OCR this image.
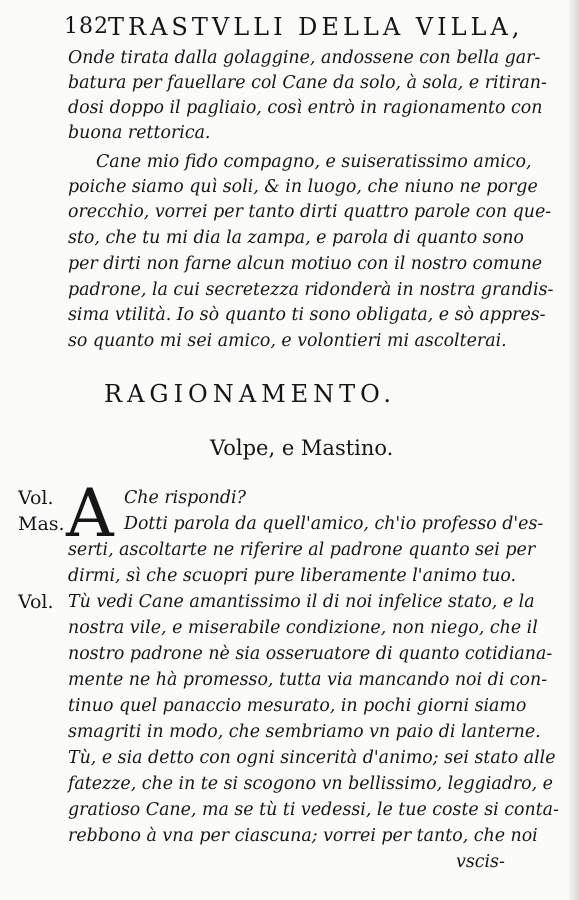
182 TRASTVLLI DELLA VILLA,
Onde tirata dalla golaggine, andossene con bella gar-
batura per fauellare col Cane da solo, à sola, e ritiran-
dosi doppo il pagliaio, così entrò in ragionamento con
buona rettorica.
Cane mio fido compagno, e suiseratissimo amico,
poiche siamo quì soli, & in luogo, che niuno ne porge
orecchio, vorrei per tanto dirti quattro parole con que-
sto, che tu mi dia la zampa, e parola di quanto sono
per dirti non farne alcun motiuo con il nostro comune
padrone, la cui secretezza ridonderà in nostra grandis-
sima vtilità. Io sò quanto ti sono obligata, e sò appres-
so quanto mi sei amico, e volontieri mi ascolterai.
RAGIONAMENTO.
Volpe, e Mastino.
Vol.
Mas. A Che rispondi?
Dotti parola da quell'amico, ch'io professo d'es-
serti, ascoltarte ne riferire al padrone quanto sei per
dirmi, sì che scuopri pure liberamente l'animo tuo.
Vol. Tù vedi Cane amantissimo il di noi infelice stato, e la
nostra vile, e miserabile condizione, non niego, che il
nostro padrone nè sia osseruatore di quanto cotidiana-
mente ne hà promesso, tutta via mancando noi di con-
tinuo quel panaccio mesurato, in pochi giorni siamo
smagriti in modo, che sembriamo vn paio di lanterne.
Tù, e sia detto con ogni sincerità d'animo; sei stato alle
fatezze, che in te si scogono vn bellissimo, leggiadro, e
gratioso Cane, ma se tù ti vedessi, le tue coste si conta-
rebbono à vna per ciascuna; vorrei per tanto, che noi
vscis-
